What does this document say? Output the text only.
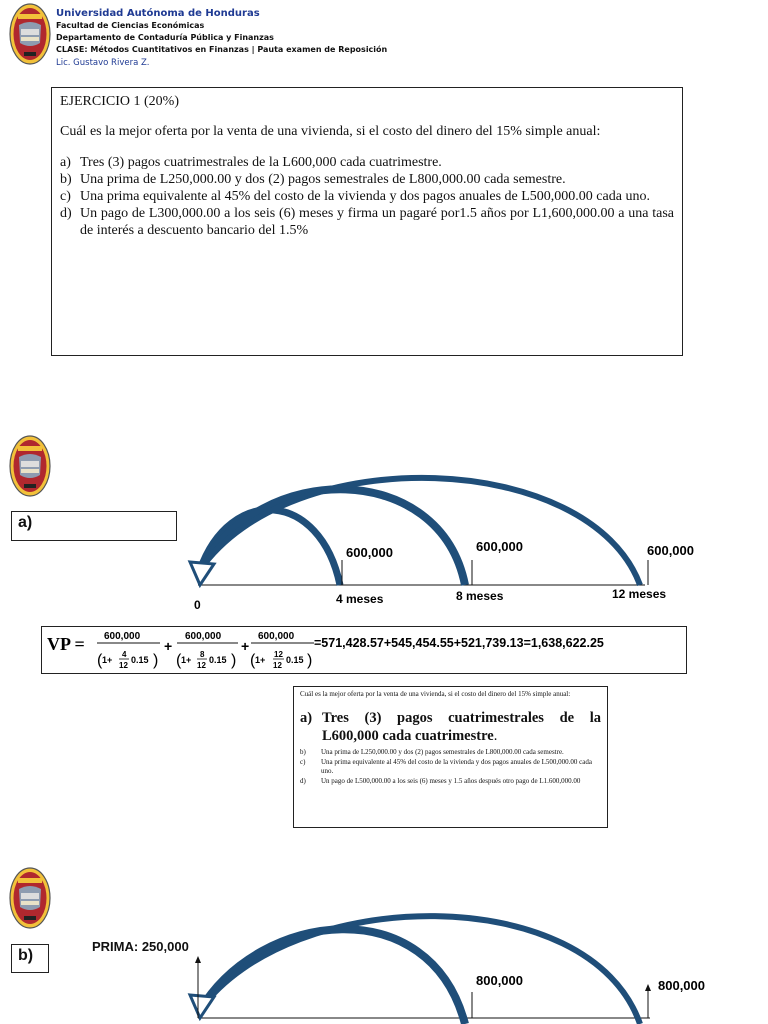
Universidad Autónoma de Honduras
Facultad de Ciencias Económicas
Departamento de Contaduría Pública y Finanzas
CLASE: Métodos Cuantitativos en Finanzas | Pauta examen de Reposición
Lic. Gustavo Rivera Z.
EJERCICIO 1 (20%)
Cuál es la mejor oferta por la venta de una vivienda, si el costo del dinero del 15% simple anual:
a) Tres (3) pagos cuatrimestrales de la L600,000 cada cuatrimestre.
b) Una prima de L250,000.00 y dos (2) pagos semestrales de L800,000.00 cada semestre.
c) Una prima equivalente al 45% del costo de la vivienda y dos pagos anuales de L500,000.00 cada uno.
d) Un pago de L300,000.00 a los seis (6) meses y firma un pagaré por1.5 años por L1,600,000.00 a una tasa de interés a descuento bancario del 1.5%
a)
600,000	600,000	600,000
0	4 meses	8 meses	12 meses
VP = 600,000
( 1+
4
12
0.15 )
+
600,000
( 1+
8
12
0.15 )
+
600,000
( 1+
12
12
0.15 )
=571,428.57+545,454.55+521,739.13=1,638,622.25
Cuál es la mejor oferta por la venta de una vivienda, si el costo del dinero del 15% simple anual:
a) Tres (3) pagos cuatrimestrales de la L600,000 cada cuatrimestre.
b)	Una prima de L250,000.00 y dos (2) pagos semestrales de L800,000.00 cada semestre.
c)	Una prima equivalente al 45% del costo de la vivienda y dos pagos anuales de L500,000.00 cada uno.
d)	Un pago de L500,000.00 a los seis (6) meses y 1.5 años después otro pago de L1.600,000.00
b)
PRIMA: 250,000
800,000	800,000
